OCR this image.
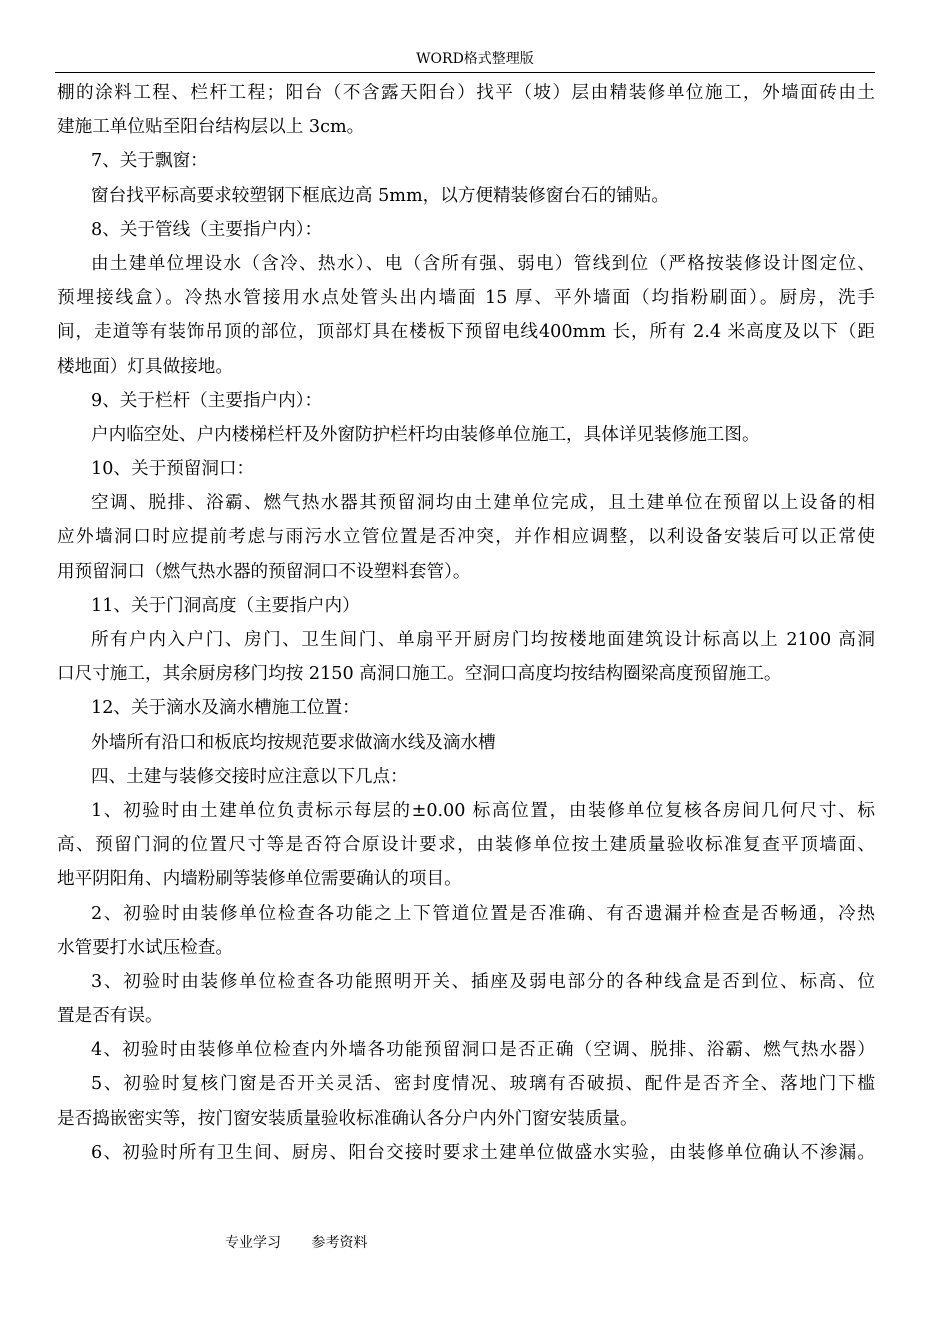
WORD格式整理版
棚的涂料工程、栏杆工程；阳台（不含露天阳台）找平（坡）层由精装修单位施工，外墙面砖由土
建施工单位贴至阳台结构层以上 3cm。
7、关于飘窗：
窗台找平标高要求较塑钢下框底边高 5mm，以方便精装修窗台石的铺贴。
8、关于管线（主要指户内）：
由土建单位埋设水（含冷、热水）、电（含所有强、弱电）管线到位（严格按装修设计图定位、
预埋接线盒）。冷热水管接用水点处管头出内墙面 15 厚、平外墙面（均指粉刷面）。厨房，洗手
间，走道等有装饰吊顶的部位，顶部灯具在楼板下预留电线400mm 长，所有 2.4 米高度及以下（距
楼地面）灯具做接地。
9、关于栏杆（主要指户内）：
户内临空处、户内楼梯栏杆及外窗防护栏杆均由装修单位施工，具体详见装修施工图。
10、关于预留洞口：
空调、脱排、浴霸、燃气热水器其预留洞均由土建单位完成，且土建单位在预留以上设备的相
应外墙洞口时应提前考虑与雨污水立管位置是否冲突，并作相应调整，以利设备安装后可以正常使
用预留洞口（燃气热水器的预留洞口不设塑料套管）。
11、关于门洞高度（主要指户内）
所有户内入户门、房门、卫生间门、单扇平开厨房门均按楼地面建筑设计标高以上 2100 高洞
口尺寸施工，其余厨房移门均按 2150 高洞口施工。空洞口高度均按结构圈梁高度预留施工。
12、关于滴水及滴水槽施工位置：
外墙所有沿口和板底均按规范要求做滴水线及滴水槽
四、土建与装修交接时应注意以下几点：
1、初验时由土建单位负责标示每层的±0.00 标高位置，由装修单位复核各房间几何尺寸、标
高、预留门洞的位置尺寸等是否符合原设计要求，由装修单位按土建质量验收标准复查平顶墙面、
地平阴阳角、内墙粉刷等装修单位需要确认的项目。
2、初验时由装修单位检查各功能之上下管道位置是否准确、有否遗漏并检查是否畅通，冷热
水管要打水试压检查。
3、初验时由装修单位检查各功能照明开关、插座及弱电部分的各种线盒是否到位、标高、位
置是否有误。
4、初验时由装修单位检查内外墙各功能预留洞口是否正确（空调、脱排、浴霸、燃气热水器）
5、初验时复核门窗是否开关灵活、密封度情况、玻璃有否破损、配件是否齐全、落地门下槛
是否捣嵌密实等，按门窗安装质量验收标准确认各分户内外门窗安装质量。
6、初验时所有卫生间、厨房、阳台交接时要求土建单位做盛水实验，由装修单位确认不渗漏。
专业学习 参考资料
